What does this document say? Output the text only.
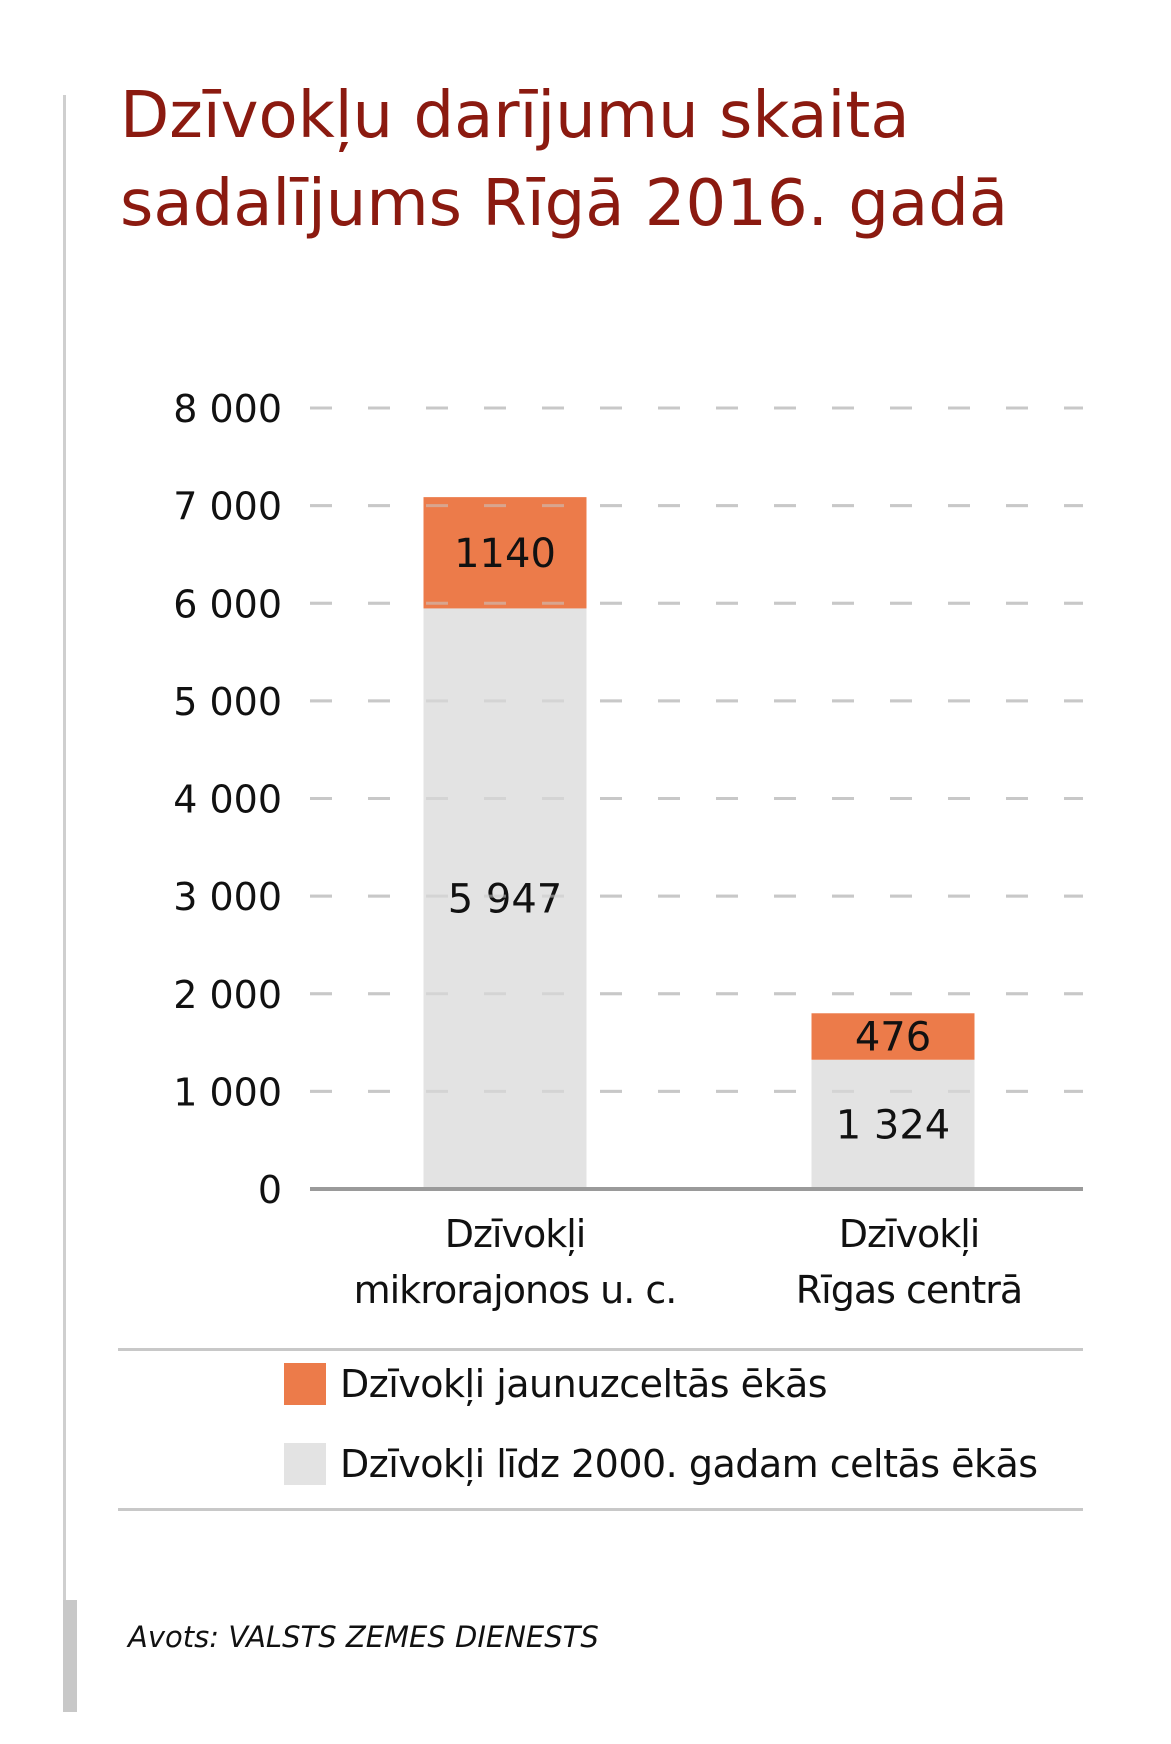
Dzīvokļu darījumu skaita
sadalījums Rīgā 2016. gadā
0
1 000
2 000
3 000
4 000
5 000
6 000
7 000
8 000
5 947
1140
1 324
476
Dzīvokļi
mikrorajonos u. c.
Dzīvokļi
Rīgas centrā
Dzīvokļi jaunuzceltās ēkās
Dzīvokļi līdz 2000. gadam celtās ēkās
Avots: VALSTS ZEMES DIENESTS
